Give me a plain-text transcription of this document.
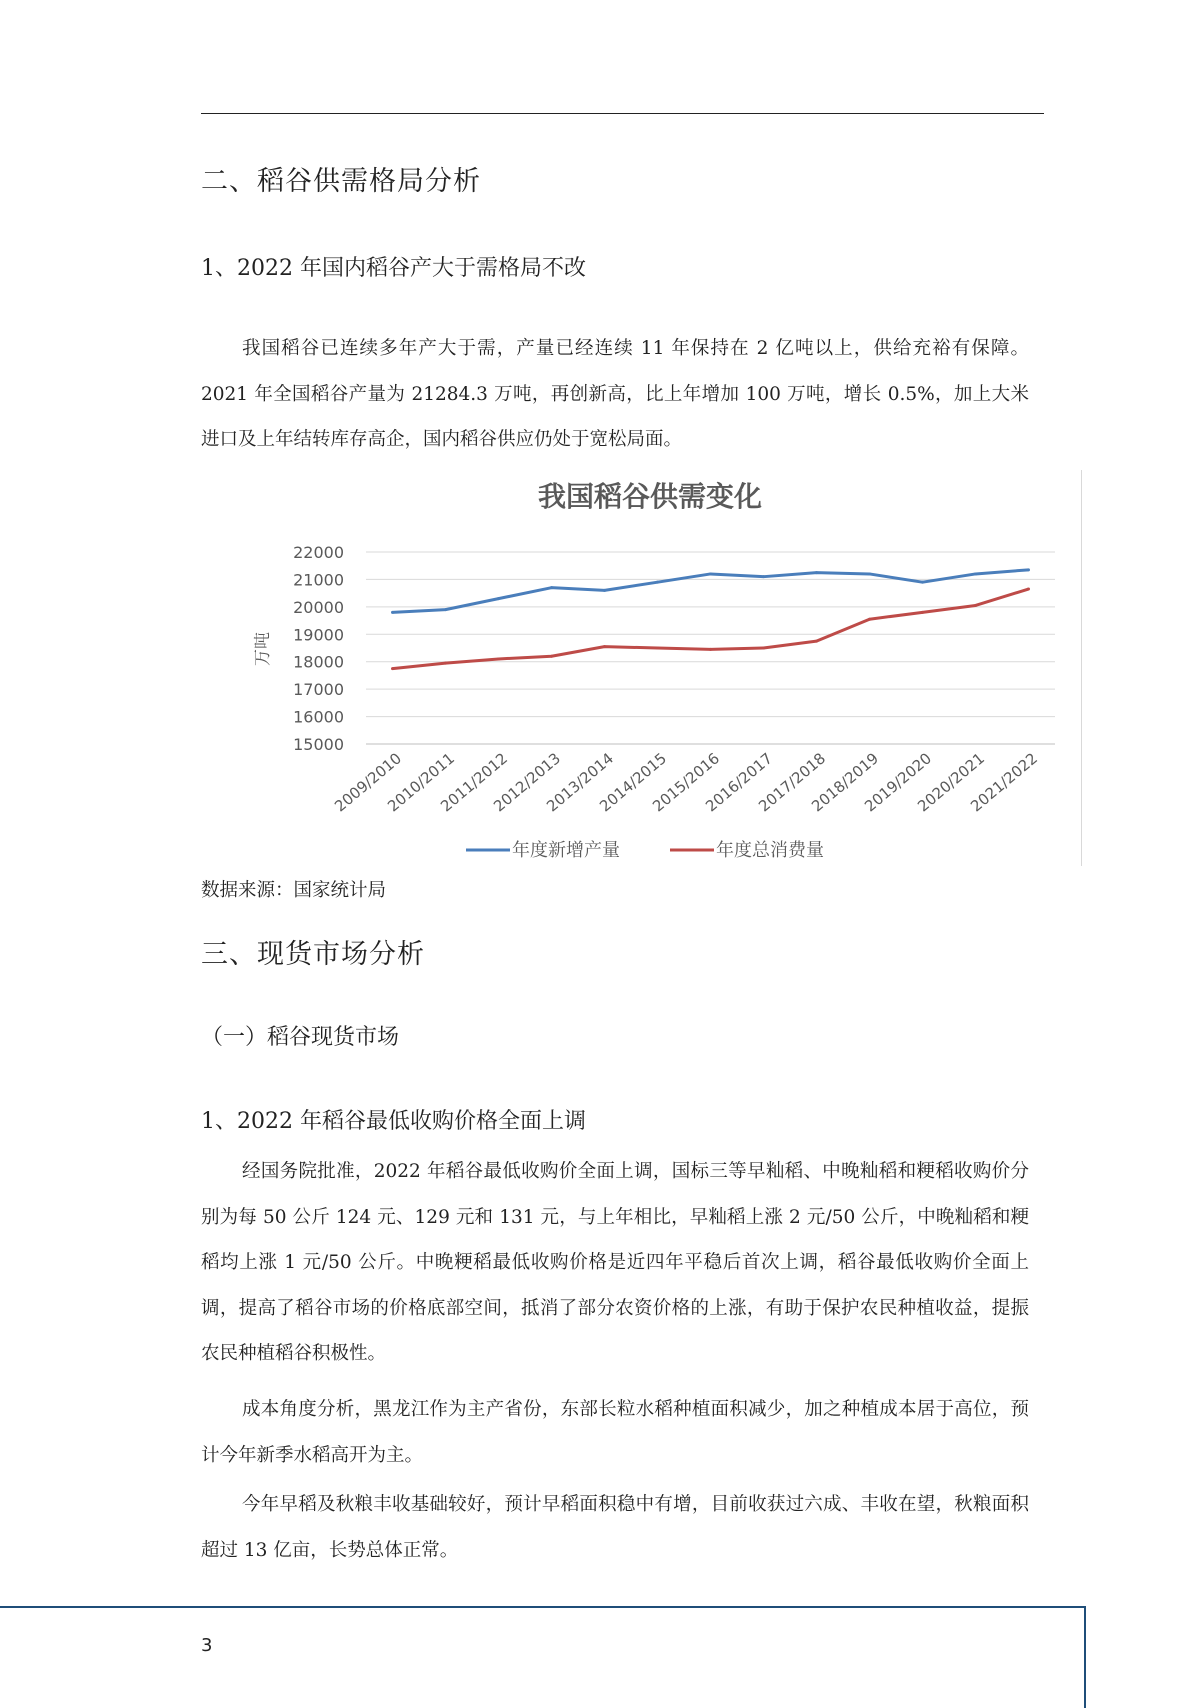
二、稻谷供需格局分析
1、2022 年国内稻谷产大于需格局不改

我国稻谷已连续多年产大于需，产量已经连续 11 年保持在 2 亿吨以上，供给充裕有保障。2021 年全国稻谷产量为 21284.3 万吨，再创新高，比上年增加 100 万吨，增长 0.5%，加上大米进口及上年结转库存高企，国内稻谷供应仍处于宽松局面。

我国稻谷供需变化
万吨
15000
16000
17000
18000
19000
20000
21000
22000
2009/2010
2010/2011
2011/2012
2012/2013
2013/2014
2014/2015
2015/2016
2016/2017
2017/2018
2018/2019
2019/2020
2020/2021
2021/2022
年度新增产量	年度总消费量

数据来源：国家统计局

三、现货市场分析
（一）稻谷现货市场
1、2022 年稻谷最低收购价格全面上调

经国务院批准，2022 年稻谷最低收购价全面上调，国标三等早籼稻、中晚籼稻和粳稻收购价分别为每 50 公斤 124 元、129 元和 131 元，与上年相比，早籼稻上涨 2 元/50 公斤，中晚籼稻和粳稻均上涨 1 元/50 公斤。中晚粳稻最低收购价格是近四年平稳后首次上调，稻谷最低收购价全面上调，提高了稻谷市场的价格底部空间，抵消了部分农资价格的上涨，有助于保护农民种植收益，提振农民种植稻谷积极性。

成本角度分析，黑龙江作为主产省份，东部长粒水稻种植面积减少，加之种植成本居于高位，预计今年新季水稻高开为主。

今年早稻及秋粮丰收基础较好，预计早稻面积稳中有增，目前收获过六成、丰收在望，秋粮面积超过 13 亿亩，长势总体正常。

3
